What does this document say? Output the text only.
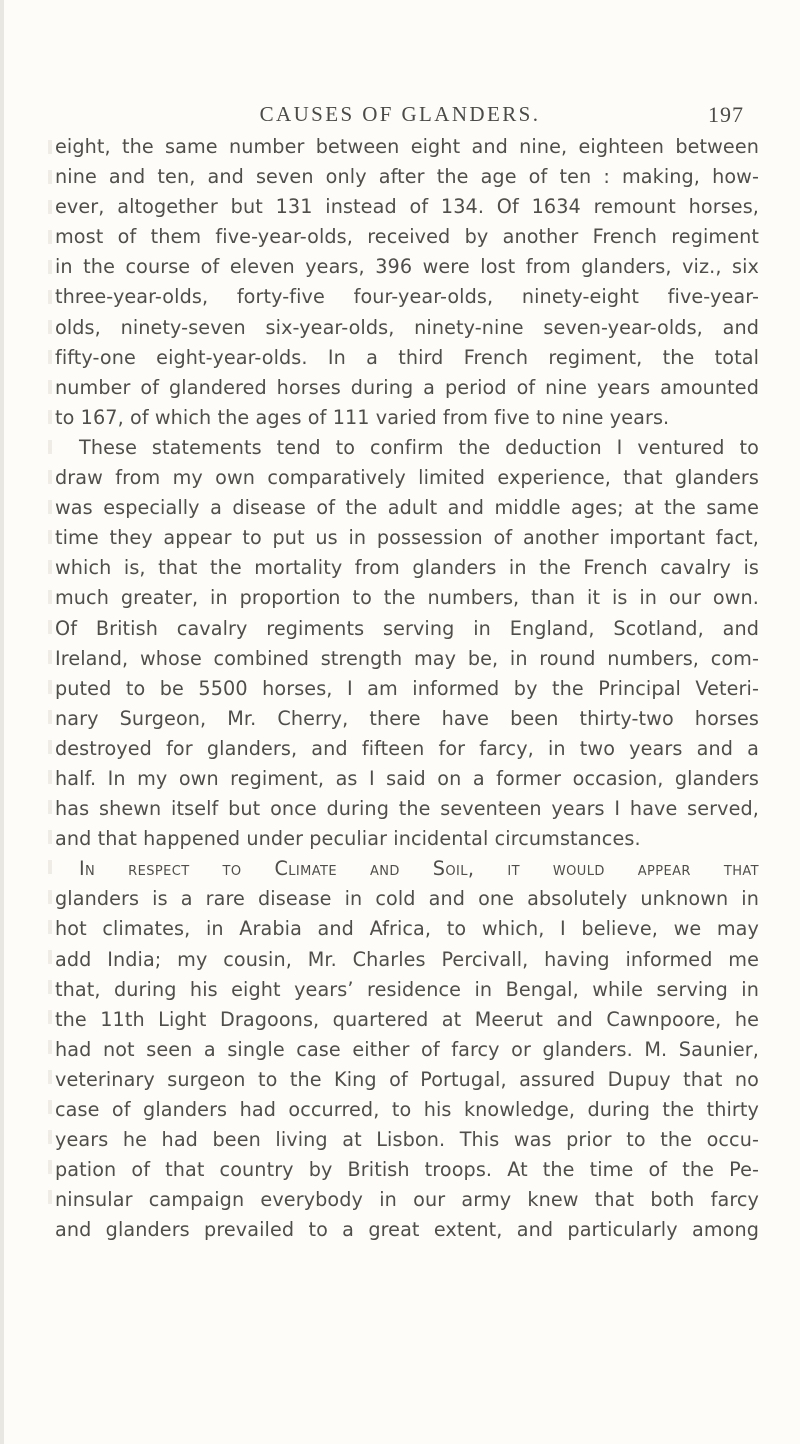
CAUSES OF GLANDERS.	197
eight, the same number between eight and nine, eighteen between
nine and ten, and seven only after the age of ten : making, how-
ever, altogether but 131 instead of 134. Of 1634 remount horses,
most of them five-year-olds, received by another French regiment
in the course of eleven years, 396 were lost from glanders, viz., six
three-year-olds, forty-five four-year-olds, ninety-eight five-year-
olds, ninety-seven six-year-olds, ninety-nine seven-year-olds, and
fifty-one eight-year-olds. In a third French regiment, the total
number of glandered horses during a period of nine years amounted
to 167, of which the ages of 111 varied from five to nine years.
These statements tend to confirm the deduction I ventured to
draw from my own comparatively limited experience, that glanders
was especially a disease of the adult and middle ages; at the same
time they appear to put us in possession of another important fact,
which is, that the mortality from glanders in the French cavalry is
much greater, in proportion to the numbers, than it is in our own.
Of British cavalry regiments serving in England, Scotland, and
Ireland, whose combined strength may be, in round numbers, com-
puted to be 5500 horses, I am informed by the Principal Veteri-
nary Surgeon, Mr. Cherry, there have been thirty-two horses
destroyed for glanders, and fifteen for farcy, in two years and a
half. In my own regiment, as I said on a former occasion, glanders
has shewn itself but once during the seventeen years I have served,
and that happened under peculiar incidental circumstances.
In respect to Climate and Soil, it would appear that
glanders is a rare disease in cold and one absolutely unknown in
hot climates, in Arabia and Africa, to which, I believe, we may
add India; my cousin, Mr. Charles Percivall, having informed me
that, during his eight years’ residence in Bengal, while serving in
the 11th Light Dragoons, quartered at Meerut and Cawnpoore, he
had not seen a single case either of farcy or glanders. M. Saunier,
veterinary surgeon to the King of Portugal, assured Dupuy that no
case of glanders had occurred, to his knowledge, during the thirty
years he had been living at Lisbon. This was prior to the occu-
pation of that country by British troops. At the time of the Pe-
ninsular campaign everybody in our army knew that both farcy
and glanders prevailed to a great extent, and particularly among
